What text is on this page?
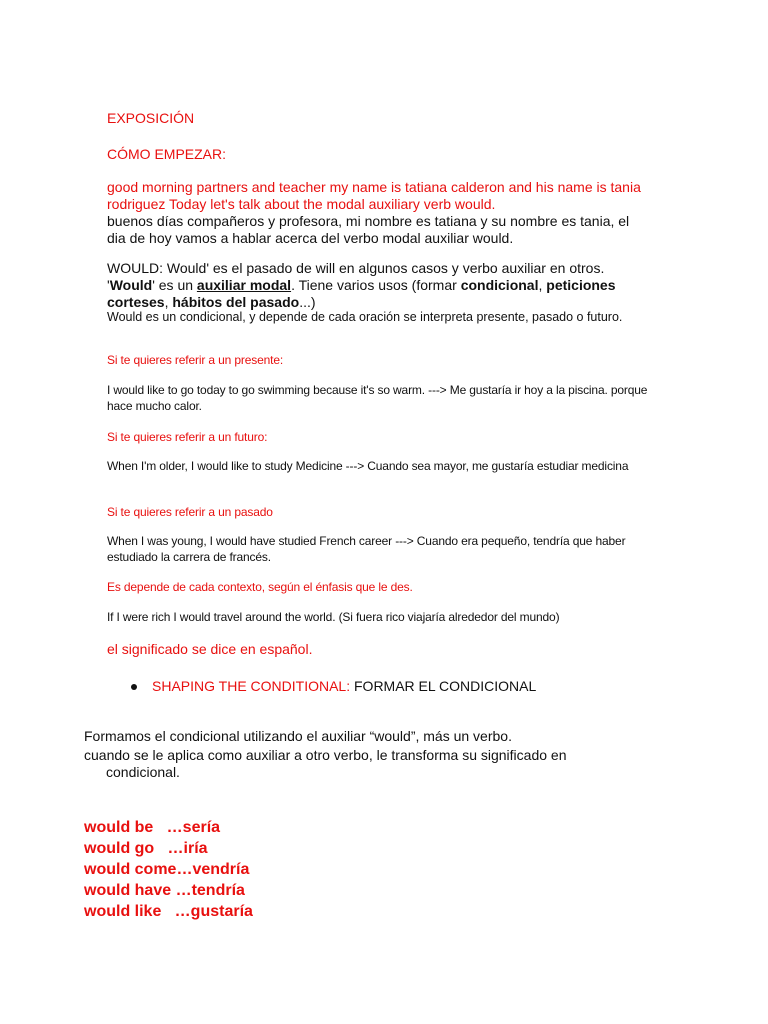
EXPOSICIÓN

CÓMO EMPEZAR:

good morning partners and teacher my name is tatiana calderon and his name is tania rodriguez Today let's talk about the modal auxiliary verb would.

buenos días compañeros y profesora, mi nombre es tatiana y su nombre es tania, el dia de hoy vamos a hablar acerca del verbo modal auxiliar would.

WOULD: Would' es el pasado de will en algunos casos y verbo auxiliar en otros. 'Would' es un auxiliar modal. Tiene varios usos (formar condicional, peticiones corteses, hábitos del pasado...)

Would es un condicional, y depende de cada oración se interpreta presente, pasado o futuro.

Si te quieres referir a un presente:

I would like to go today to go swimming because it's so warm. ---> Me gustaría ir hoy a la piscina. porque hace mucho calor.

Si te quieres referir a un futuro:

When I'm older, I would like to study Medicine ---> Cuando sea mayor, me gustaría estudiar medicina

Si te quieres referir a un pasado

When I was young, I would have studied French career ---> Cuando era pequeño, tendría que haber estudiado la carrera de francés.

Es depende de cada contexto, según el énfasis que le des.

If I were rich I would travel around the world. (Si fuera rico viajaría alrededor del mundo)

el significado se dice en español.

SHAPING THE CONDITIONAL: FORMAR EL CONDICIONAL

Formamos el condicional utilizando el auxiliar “would”, más un verbo.

cuando se le aplica como auxiliar a otro verbo, le transforma su significado en condicional.

would be   …sería
would go   …iría
would come…vendría
would have …tendría
would like   …gustaría
